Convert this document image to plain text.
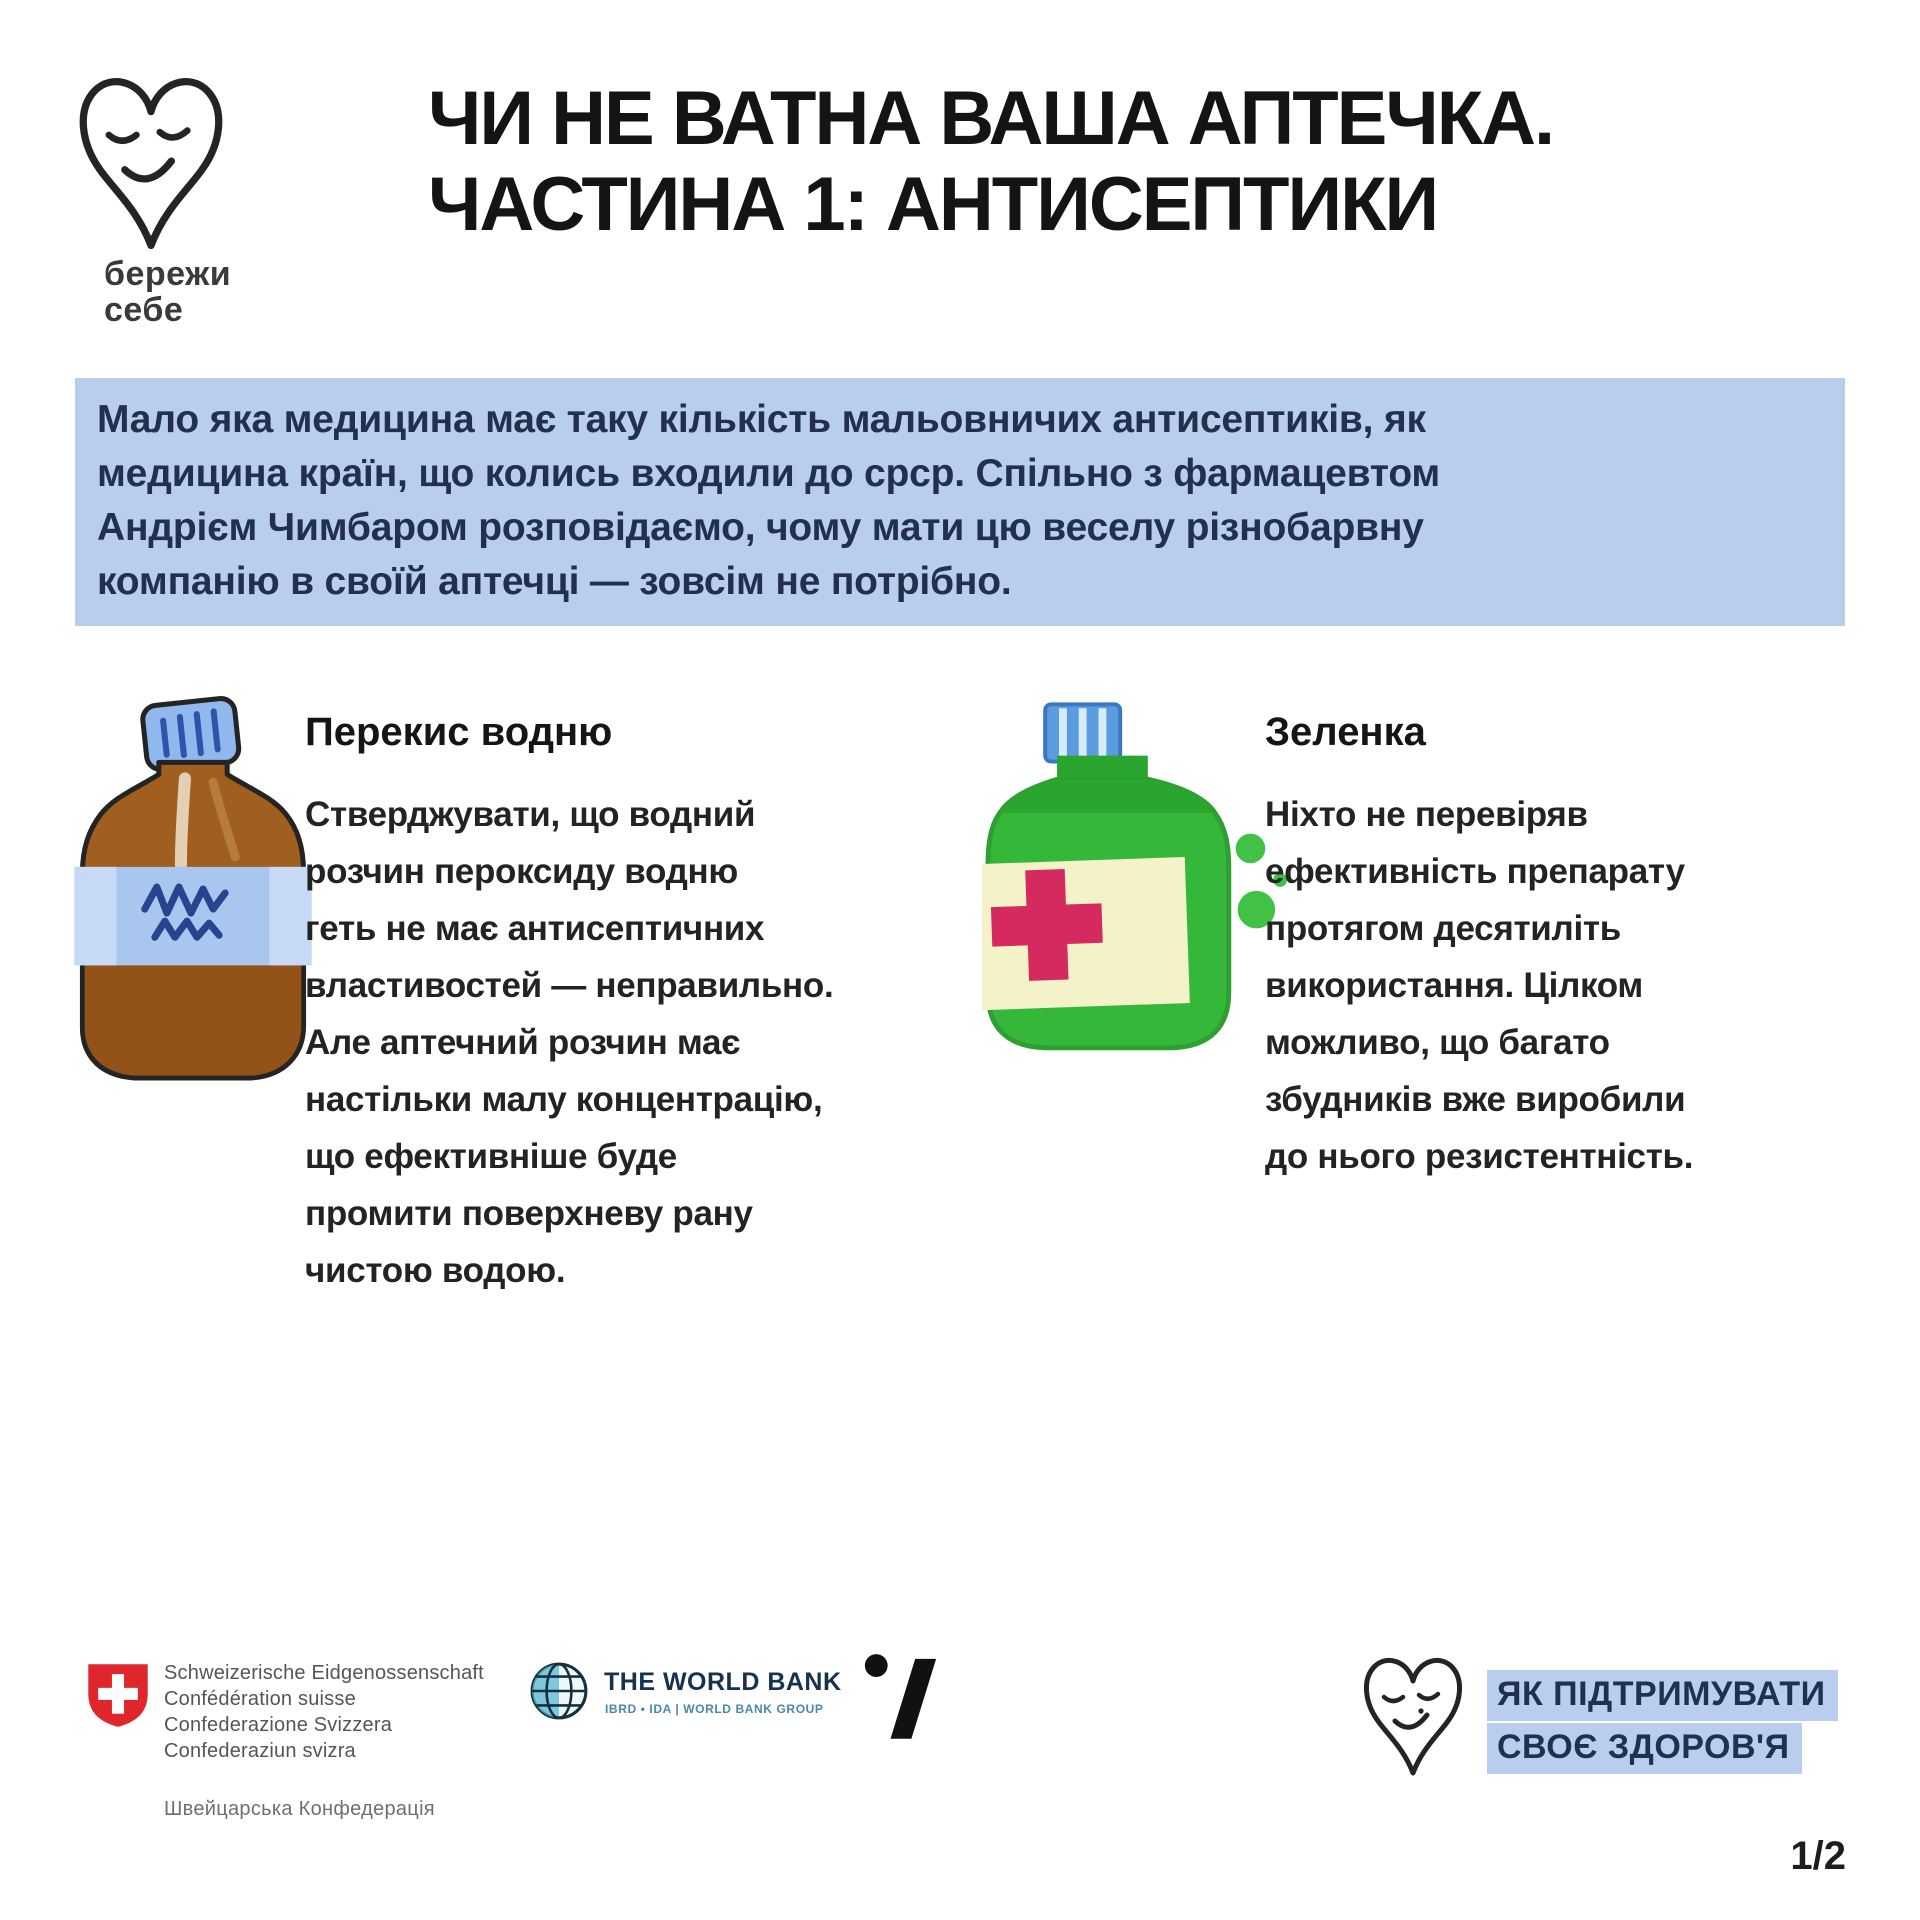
бережи
себе
ЧИ НЕ ВАТНА ВАША АПТЕЧКА.
ЧАСТИНА 1: АНТИСЕПТИКИ
Мало яка медицина має таку кількість мальовничих антисептиків, як
медицина країн, що колись входили до срср. Спільно з фармацевтом
Андрієм Чимбаром розповідаємо, чому мати цю веселу різнобарвну
компанію в своїй аптечці — зовсім не потрібно.
Перекис водню
Стверджувати, що водний
розчин пероксиду водню
геть не має антисептичних
властивостей — неправильно.
Але аптечний розчин має
настільки малу концентрацію,
що ефективніше буде
промити поверхневу рану
чистою водою.
Зеленка
Ніхто не перевіряв
ефективність препарату
протягом десятиліть
використання. Цілком
можливо, що багато
збудників вже виробили
до нього резистентність.
Schweizerische Eidgenossenschaft
Confédération suisse
Confederazione Svizzera
Confederaziun svizra
Швейцарська Конфедерація
THE WORLD BANK
IBRD • IDA | WORLD BANK GROUP	ЯК ПІДТРИМУВАТИ
СВОЄ ЗДОРОВ'Я
1/2
